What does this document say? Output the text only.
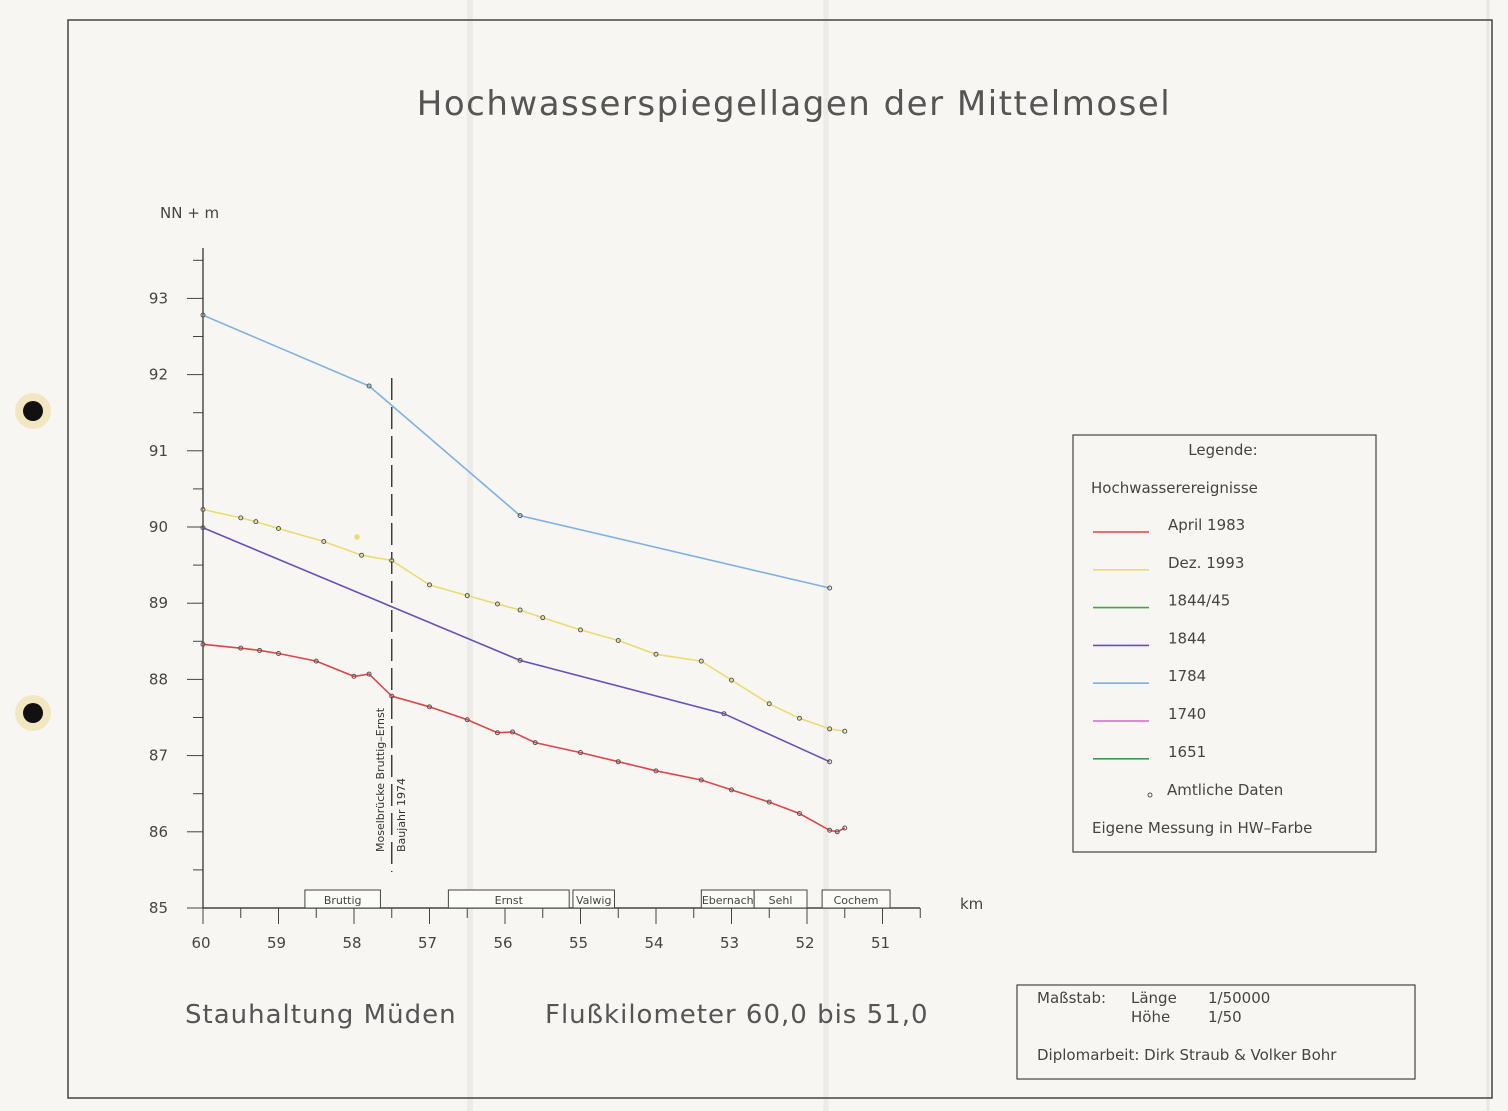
Hochwasserspiegellagen der Mittelmosel
NN + m
km
85
86
87
88
89
90
91
92
93
60	59	58	57	56	55	54	53	52	51
Bruttig	Ernst	Valwig	Ebernach Sehl	Cochem
Moselbrücke Bruttig–Ernst Baujahr 1974
Legende:
Hochwasserereignisse
April 1983
Dez. 1993
1844/45
1844
1784
1740
1651
Amtliche Daten
Eigene Messung in HW–Farbe
Stauhaltung Müden	Flußkilometer 60,0 bis 51,0
Maßstab: Länge 1/50000
Höhe	1/50
Diplomarbeit: Dirk Straub & Volker Bohr
